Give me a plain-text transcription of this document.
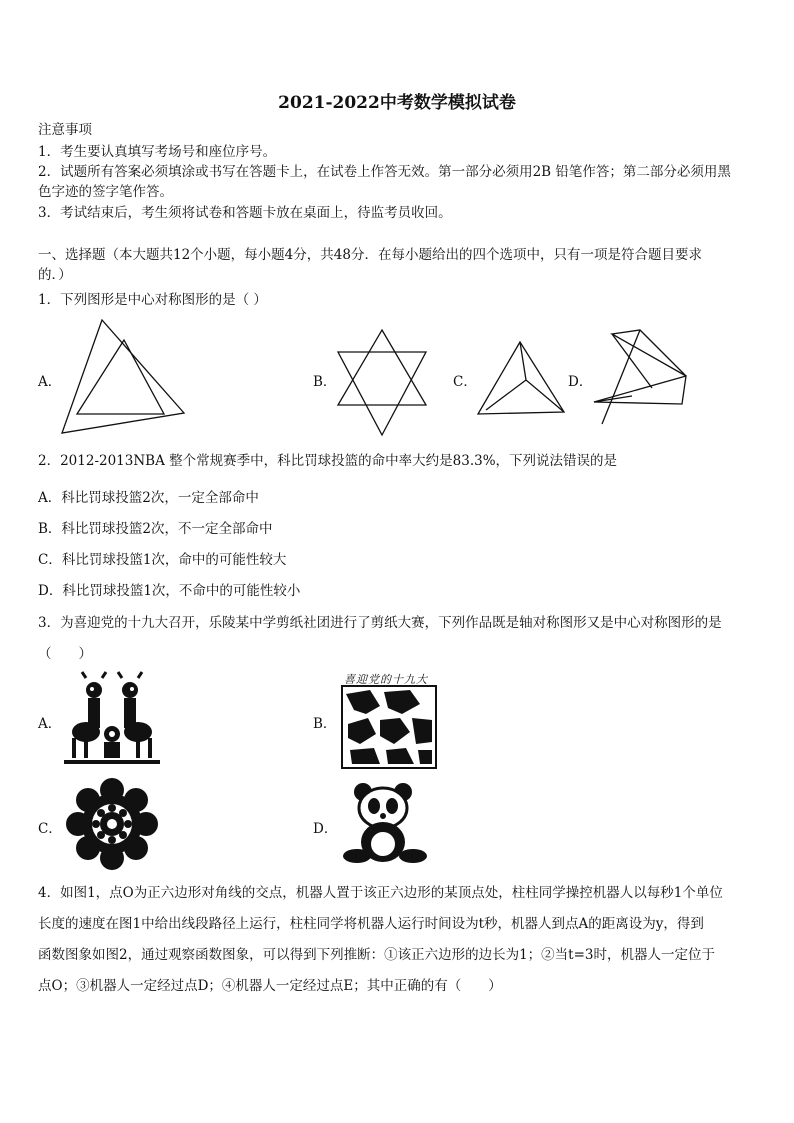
2021-2022中考数学模拟试卷
注意事项
1．考生要认真填写考场号和座位序号。
2．试题所有答案必须填涂或书写在答题卡上，在试卷上作答无效。第一部分必须用2B 铅笔作答；第二部分必须用黑
色字迹的签字笔作答。
3．考试结束后，考生须将试卷和答题卡放在桌面上，待监考员收回。
一、选择题（本大题共12个小题，每小题4分，共48分．在每小题给出的四个选项中，只有一项是符合题目要求
的．）
1．下列图形是中心对称图形的是（ ）
A．	B．	C．	D．
2．2012-2013NBA 整个常规赛季中，科比罚球投篮的命中率大约是83.3%，下列说法错误的是
A．科比罚球投篮2次，一定全部命中
B．科比罚球投篮2次，不一定全部命中
C．科比罚球投篮1次，命中的可能性较大
D．科比罚球投篮1次，不命中的可能性较小
3．为喜迎党的十九大召开，乐陵某中学剪纸社团进行了剪纸大赛，下列作品既是轴对称图形又是中心对称图形的是
（　　）
A．	B．
喜迎党的十九大
C．	D．
4．如图1，点O为正六边形对角线的交点，机器人置于该正六边形的某顶点处，柱柱同学操控机器人以每秒1个单位
长度的速度在图1中给出线段路径上运行，柱柱同学将机器人运行时间设为t秒，机器人到点A的距离设为y，得到
函数图象如图2，通过观察函数图象，可以得到下列推断：①该正六边形的边长为1；②当t=3时，机器人一定位于
点O；③机器人一定经过点D；④机器人一定经过点E；其中正确的有（　　）
